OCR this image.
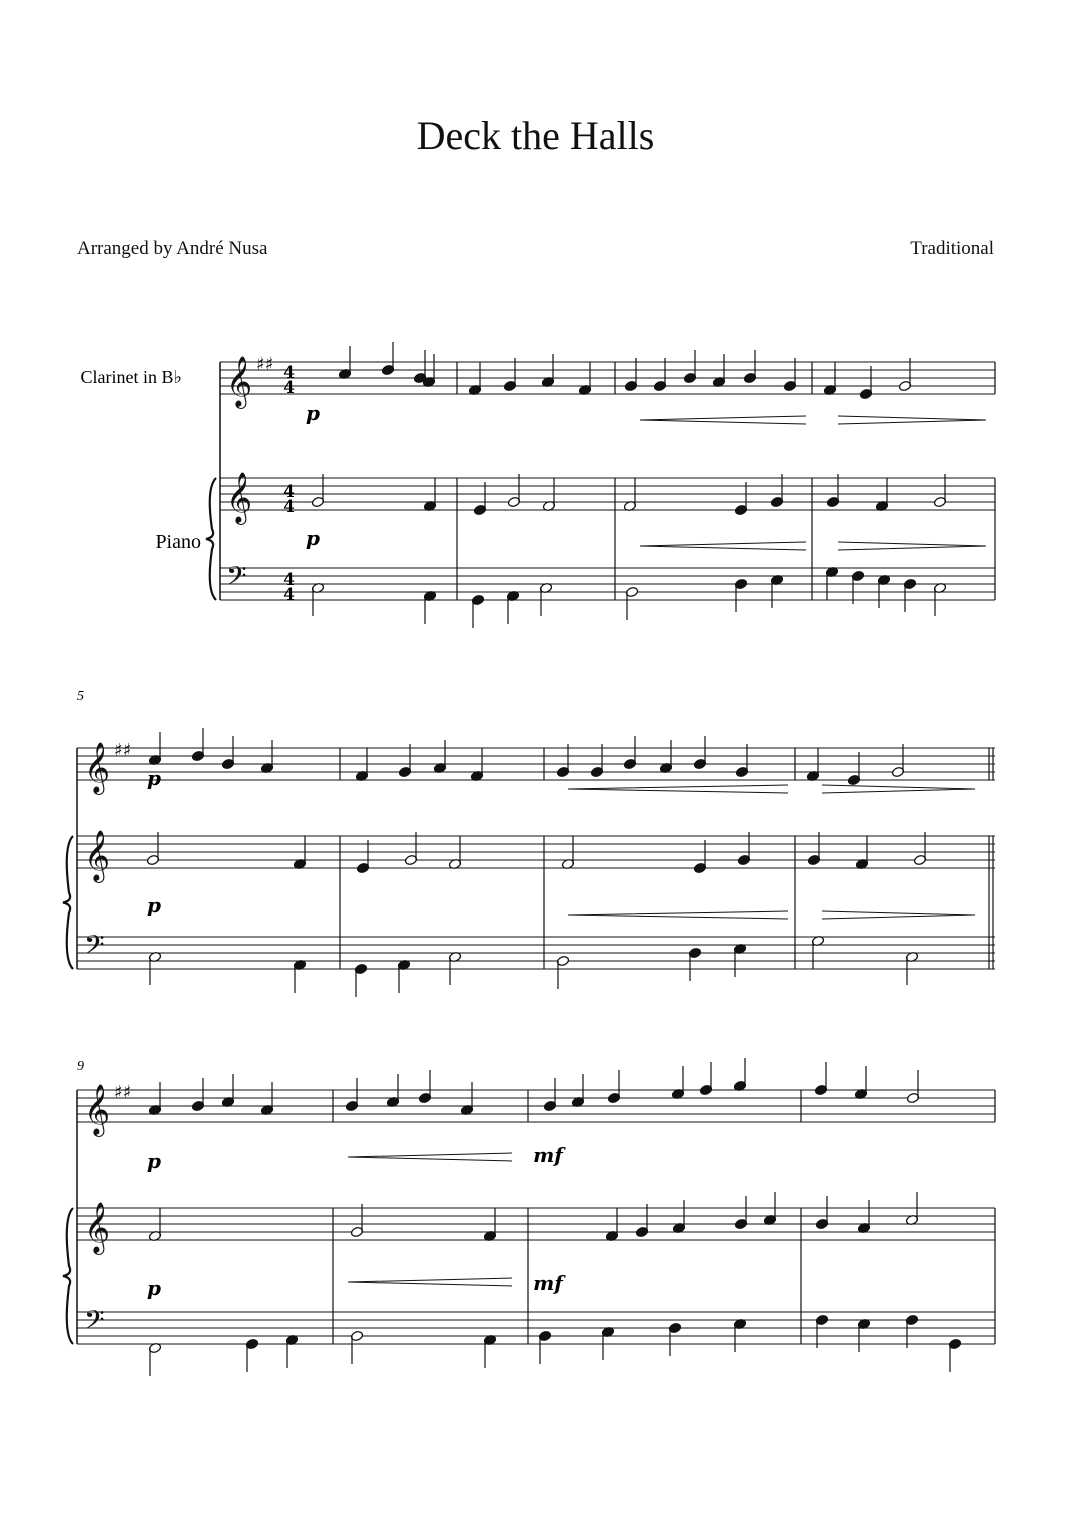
Deck the Halls
Arranged by André Nusa	Traditional
𝄞
𝄞
𝄢
♯♯
𝄞
𝄞
𝄢
♯♯
𝄞
𝄞
𝄢
♯♯
Clarinet in B♭
Piano
5
9
p
p
p
p
p	mf
p	mf
4
4
4
4
4
4
